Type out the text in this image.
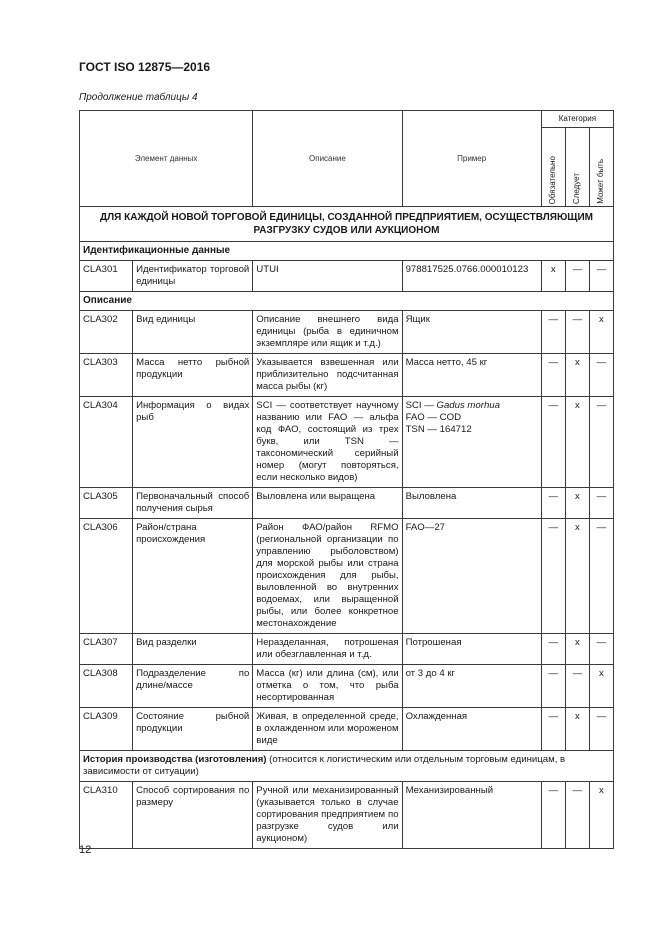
ГОСТ ISO 12875—2016
Продолжение таблицы 4
Элемент данных		Описание	Пример	Категория		

				Обязательно	Следует	Может быть

ДЛЯ КАЖДОЙ НОВОЙ ТОРГОВОЙ ЕДИНИЦЫ, СОЗДАННОЙ ПРЕДПРИЯТИЕМ, ОСУЩЕСТВЛЯЮЩИМ РАЗГРУЗКУ СУДОВ ИЛИ АУКЦИОНОМ						
Идентификационные данные						
CLA301	Идентификатор торговой единицы	UTUI	978817525.0766.000010123	x	—	—
Описание						
CLA302	Вид единицы	Описание внешнего вида единицы (рыба в единичном экземпляре или ящик и т.д.)	Ящик	—	—	x
CLA303	Масса нетто рыбной продукции	Указывается взвешенная или приблизительно подсчитанная масса рыбы (кг)	Масса нетто, 45 кг	—	x	—
CLA304	Информация о видах рыб	SCI — соответствует научному названию или FAO — альфа код ФАО, состоящий из трех букв, или TSN — таксономический серийный номер (могут повторяться, если несколько видов)	SCI — Gadus morhua
FAO — COD
TSN — 164712	—	x	—
CLA305	Первоначальный способ получения сырья	Выловлена или выращена	Выловлена	—	x	—
CLA306	Район/страна происхождения	Район ФАО/район RFMO (региональной организации по управлению рыболовством) для морской рыбы или страна происхождения для рыбы, выловленной во внутренних водоемах, или выращенной рыбы, или более конкретное местонахождение	FAO—27	—	x	—
CLA307	Вид разделки	Неразделанная, потрошеная или обезглавленная и т.д.	Потрошеная	—	x	—
CLA308	Подразделение по длине/массе	Масса (кг) или длина (см), или отметка о том, что рыба несортированная	от 3 до 4 кг	—	—	x
CLA309	Состояние рыбной продукции	Живая, в определенной среде, в охлажденном или мороженом виде	Охлажденная	—	x	—
История производства (изготовления) (относится к логистическим или отдельным торговым единицам, в зависимости от ситуации)						
CLA310	Способ сортирования по размеру	Ручной или механизированный (указывается только в случае сортирования предприятием по разгрузке судов или аукционом)	Механизированный	—	—	x
12
